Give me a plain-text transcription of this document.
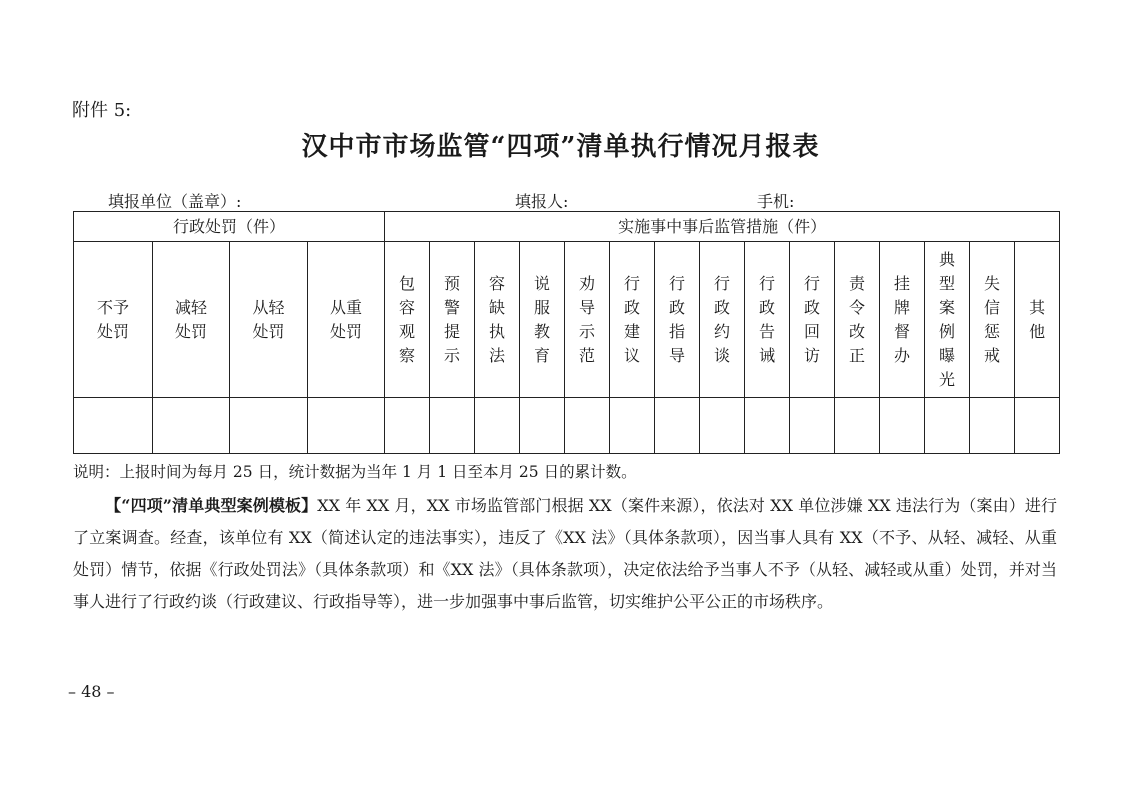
附件 5:
汉中市市场监管“四项”清单执行情况月报表
填报单位（盖章）:	填报人:	手机:
行政处罚（件）				实施事中事后监管措施（件）														
不予处罚	减轻处罚	从轻处罚	从重处罚	包容观察	预警提示	容缺执法	说服教育	劝导示范	行政建议	行政指导	行政约谈	行政告诫	行政回访	责令改正	挂牌督办	典型案例曝光	失信惩戒	其他

说明：上报时间为每月 25 日，统计数据为当年 1 月 1 日至本月 25 日的累计数。
【“四项”清单典型案例模板】XX 年 XX 月，XX 市场监管部门根据 XX（案件来源），依法对 XX 单位涉嫌 XX 违法行为（案由）进行了立案调查。经查，该单位有 XX（简述认定的违法事实），违反了《XX 法》（具体条款项），因当事人具有 XX（不予、从轻、减轻、从重处罚）情节，依据《行政处罚法》（具体条款项）和《XX 法》（具体条款项），决定依法给予当事人不予（从轻、减轻或从重）处罚，并对当事人进行了行政约谈（行政建议、行政指导等），进一步加强事中事后监管，切实维护公平公正的市场秩序。
– 48 –
